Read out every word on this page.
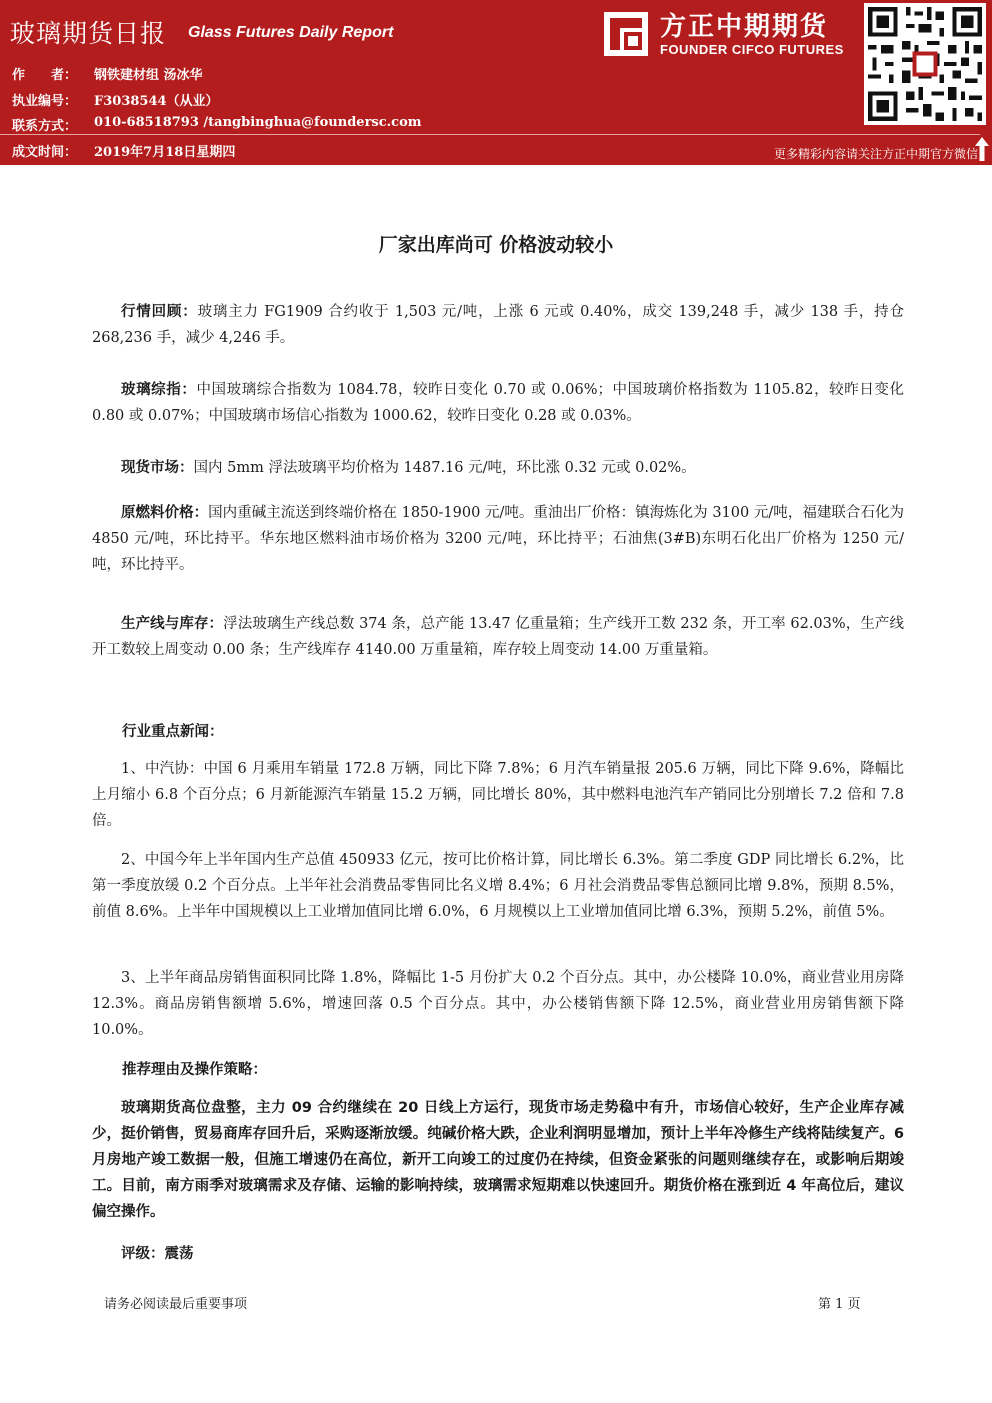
玻璃期货日报 Glass Futures Daily Report
作　　者：	钢铁建材组 汤冰华
执业编号：	F3038544（从业）
联系方式：	010-68518793 /tangbinghua@foundersc.com
成文时间：	2019年7月18日星期四
方正中期期货
FOUNDER CIFCO FUTURES
更多精彩内容请关注方正中期官方微信
厂家出库尚可 价格波动较小

行情回顾：玻璃主力 FG1909 合约收于 1,503 元/吨，上涨 6 元或 0.40%，成交 139,248 手，减少 138 手，持仓 268,236 手，减少 4,246 手。

玻璃综指：中国玻璃综合指数为 1084.78，较昨日变化 0.70 或 0.06%；中国玻璃价格指数为 1105.82，较昨日变化 0.80 或 0.07%；中国玻璃市场信心指数为 1000.62，较昨日变化 0.28 或 0.03%。

现货市场：国内 5mm 浮法玻璃平均价格为 1487.16 元/吨，环比涨 0.32 元或 0.02%。

原燃料价格：国内重碱主流送到终端价格在 1850-1900 元/吨。重油出厂价格：镇海炼化为 3100 元/吨，福建联合石化为 4850 元/吨，环比持平。华东地区燃料油市场价格为 3200 元/吨，环比持平；石油焦(3#B)东明石化出厂价格为 1250 元/吨，环比持平。

生产线与库存：浮法玻璃生产线总数 374 条，总产能 13.47 亿重量箱；生产线开工数 232 条，开工率 62.03%，生产线开工数较上周变动 0.00 条；生产线库存 4140.00 万重量箱，库存较上周变动 14.00 万重量箱。

行业重点新闻：

1、中汽协：中国 6 月乘用车销量 172.8 万辆，同比下降 7.8%；6 月汽车销量报 205.6 万辆，同比下降 9.6%，降幅比上月缩小 6.8 个百分点；6 月新能源汽车销量 15.2 万辆，同比增长 80%，其中燃料电池汽车产销同比分别增长 7.2 倍和 7.8 倍。

2、中国今年上半年国内生产总值 450933 亿元，按可比价格计算，同比增长 6.3%。第二季度 GDP 同比增长 6.2%，比第一季度放缓 0.2 个百分点。上半年社会消费品零售同比名义增 8.4%；6 月社会消费品零售总额同比增 9.8%，预期 8.5%，前值 8.6%。上半年中国规模以上工业增加值同比增 6.0%，6 月规模以上工业增加值同比增 6.3%，预期 5.2%，前值 5%。

3、上半年商品房销售面积同比降 1.8%，降幅比 1-5 月份扩大 0.2 个百分点。其中，办公楼降 10.0%，商业营业用房降 12.3%。商品房销售额增 5.6%，增速回落 0.5 个百分点。其中，办公楼销售额下降 12.5%，商业营业用房销售额下降 10.0%。

推荐理由及操作策略：

玻璃期货高位盘整，主力 09 合约继续在 20 日线上方运行，现货市场走势稳中有升，市场信心较好，生产企业库存减少，挺价销售，贸易商库存回升后，采购逐渐放缓。纯碱价格大跌，企业利润明显增加，预计上半年冷修生产线将陆续复产。6 月房地产竣工数据一般，但施工增速仍在高位，新开工向竣工的过度仍在持续，但资金紧张的问题则继续存在，或影响后期竣工。目前，南方雨季对玻璃需求及存储、运输的影响持续，玻璃需求短期难以快速回升。期货价格在涨到近 4 年高位后，建议偏空操作。

评级：震荡

请务必阅读最后重要事项	第 1 页
